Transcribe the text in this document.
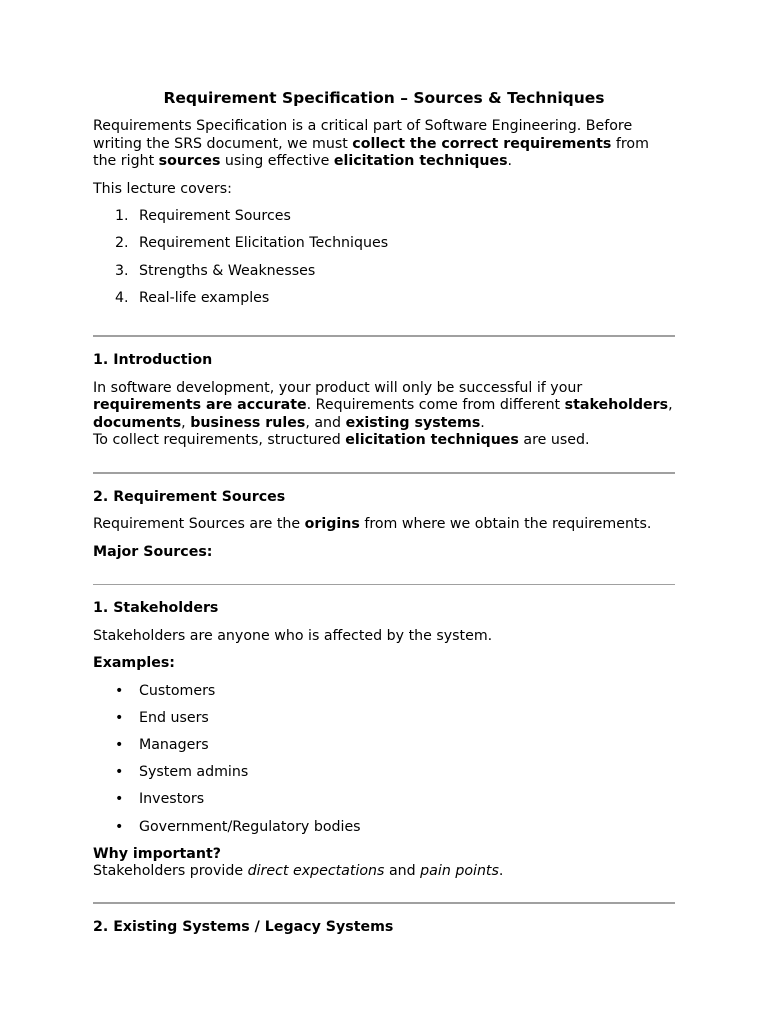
Requirement Specification – Sources & Techniques

Requirements Specification is a critical part of Software Engineering. Before writing the SRS document, we must collect the correct requirements from the right sources using effective elicitation techniques.

This lecture covers:

1. Requirement Sources
2. Requirement Elicitation Techniques
3. Strengths & Weaknesses
4. Real-life examples
1. Introduction

In software development, your product will only be successful if your requirements are accurate. Requirements come from different stakeholders, documents, business rules, and existing systems.

To collect requirements, structured elicitation techniques are used.

2. Requirement Sources

Requirement Sources are the origins from where we obtain the requirements.

Major Sources:

1. Stakeholders

Stakeholders are anyone who is affected by the system.

Examples:

• Customers
• End users
• Managers
• System admins
• Investors
• Government/Regulatory bodies

Why important?

Stakeholders provide direct expectations and pain points.

2. Existing Systems / Legacy Systems
